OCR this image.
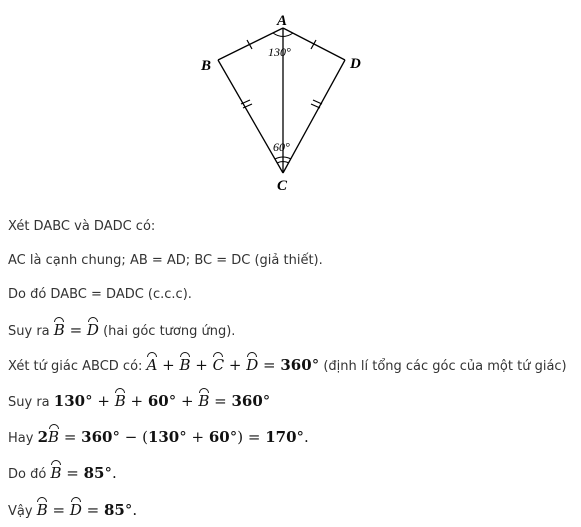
A
B	D
C
130°
60°

Xét DABC và DADC có:

AC là cạnh chung; AB = AD; BC = DC (giả thiết).

Do đó DABC = DADC (c.c.c).

Suy ra B = D (hai góc tương ứng).

Xét tứ giác ABCD có: A + B + C + D = 360° (định lí tổng các góc của một tứ giác)

Suy ra 130° + B + 60° + B = 360°

Hay 2B = 360° − (130° + 60°) = 170°.

Do đó B = 85°.

Vậy B = D = 85°.
